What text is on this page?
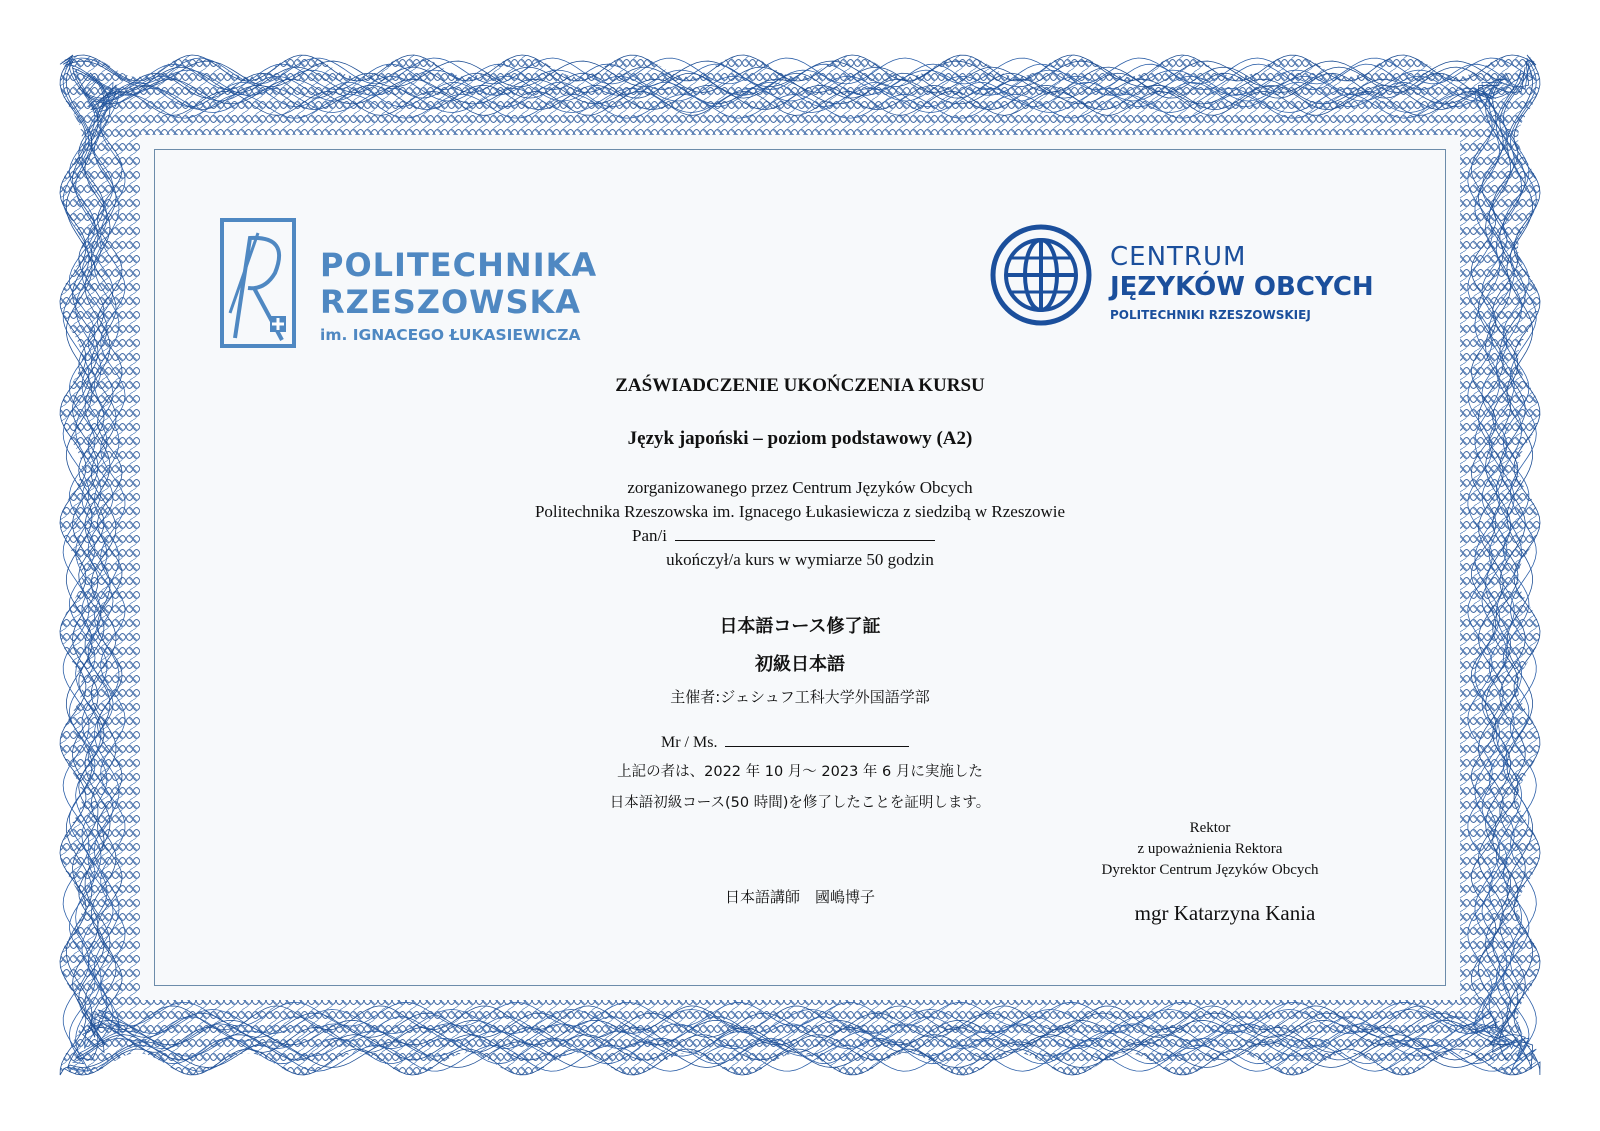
POLITECHNIKA
RZESZOWSKA
im. IGNACEGO ŁUKASIEWICZA
CENTRUM
JĘZYKÓW OBCYCH
POLITECHNIKI RZESZOWSKIEJ
ZAŚWIADCZENIE UKOŃCZENIA KURSU
Język japoński – poziom podstawowy (A2)
zorganizowanego przez Centrum Języków Obcych
Politechnika Rzeszowska im. Ignacego Łukasiewicza z siedzibą w Rzeszowie
Pan/i
ukończył/a kurs w wymiarze 50 godzin
日本語コース修了証
初級日本語
主催者:ジェシュフ工科大学外国語学部
Mr / Ms.
上記の者は、2022 年 10 月～ 2023 年 6 月に実施した
日本語初級コース(50 時間)を修了したことを証明します。
日本語講師　國嶋博子
Rektor
z upoważnienia Rektora
Dyrektor Centrum Języków Obcych
mgr Katarzyna Kania
